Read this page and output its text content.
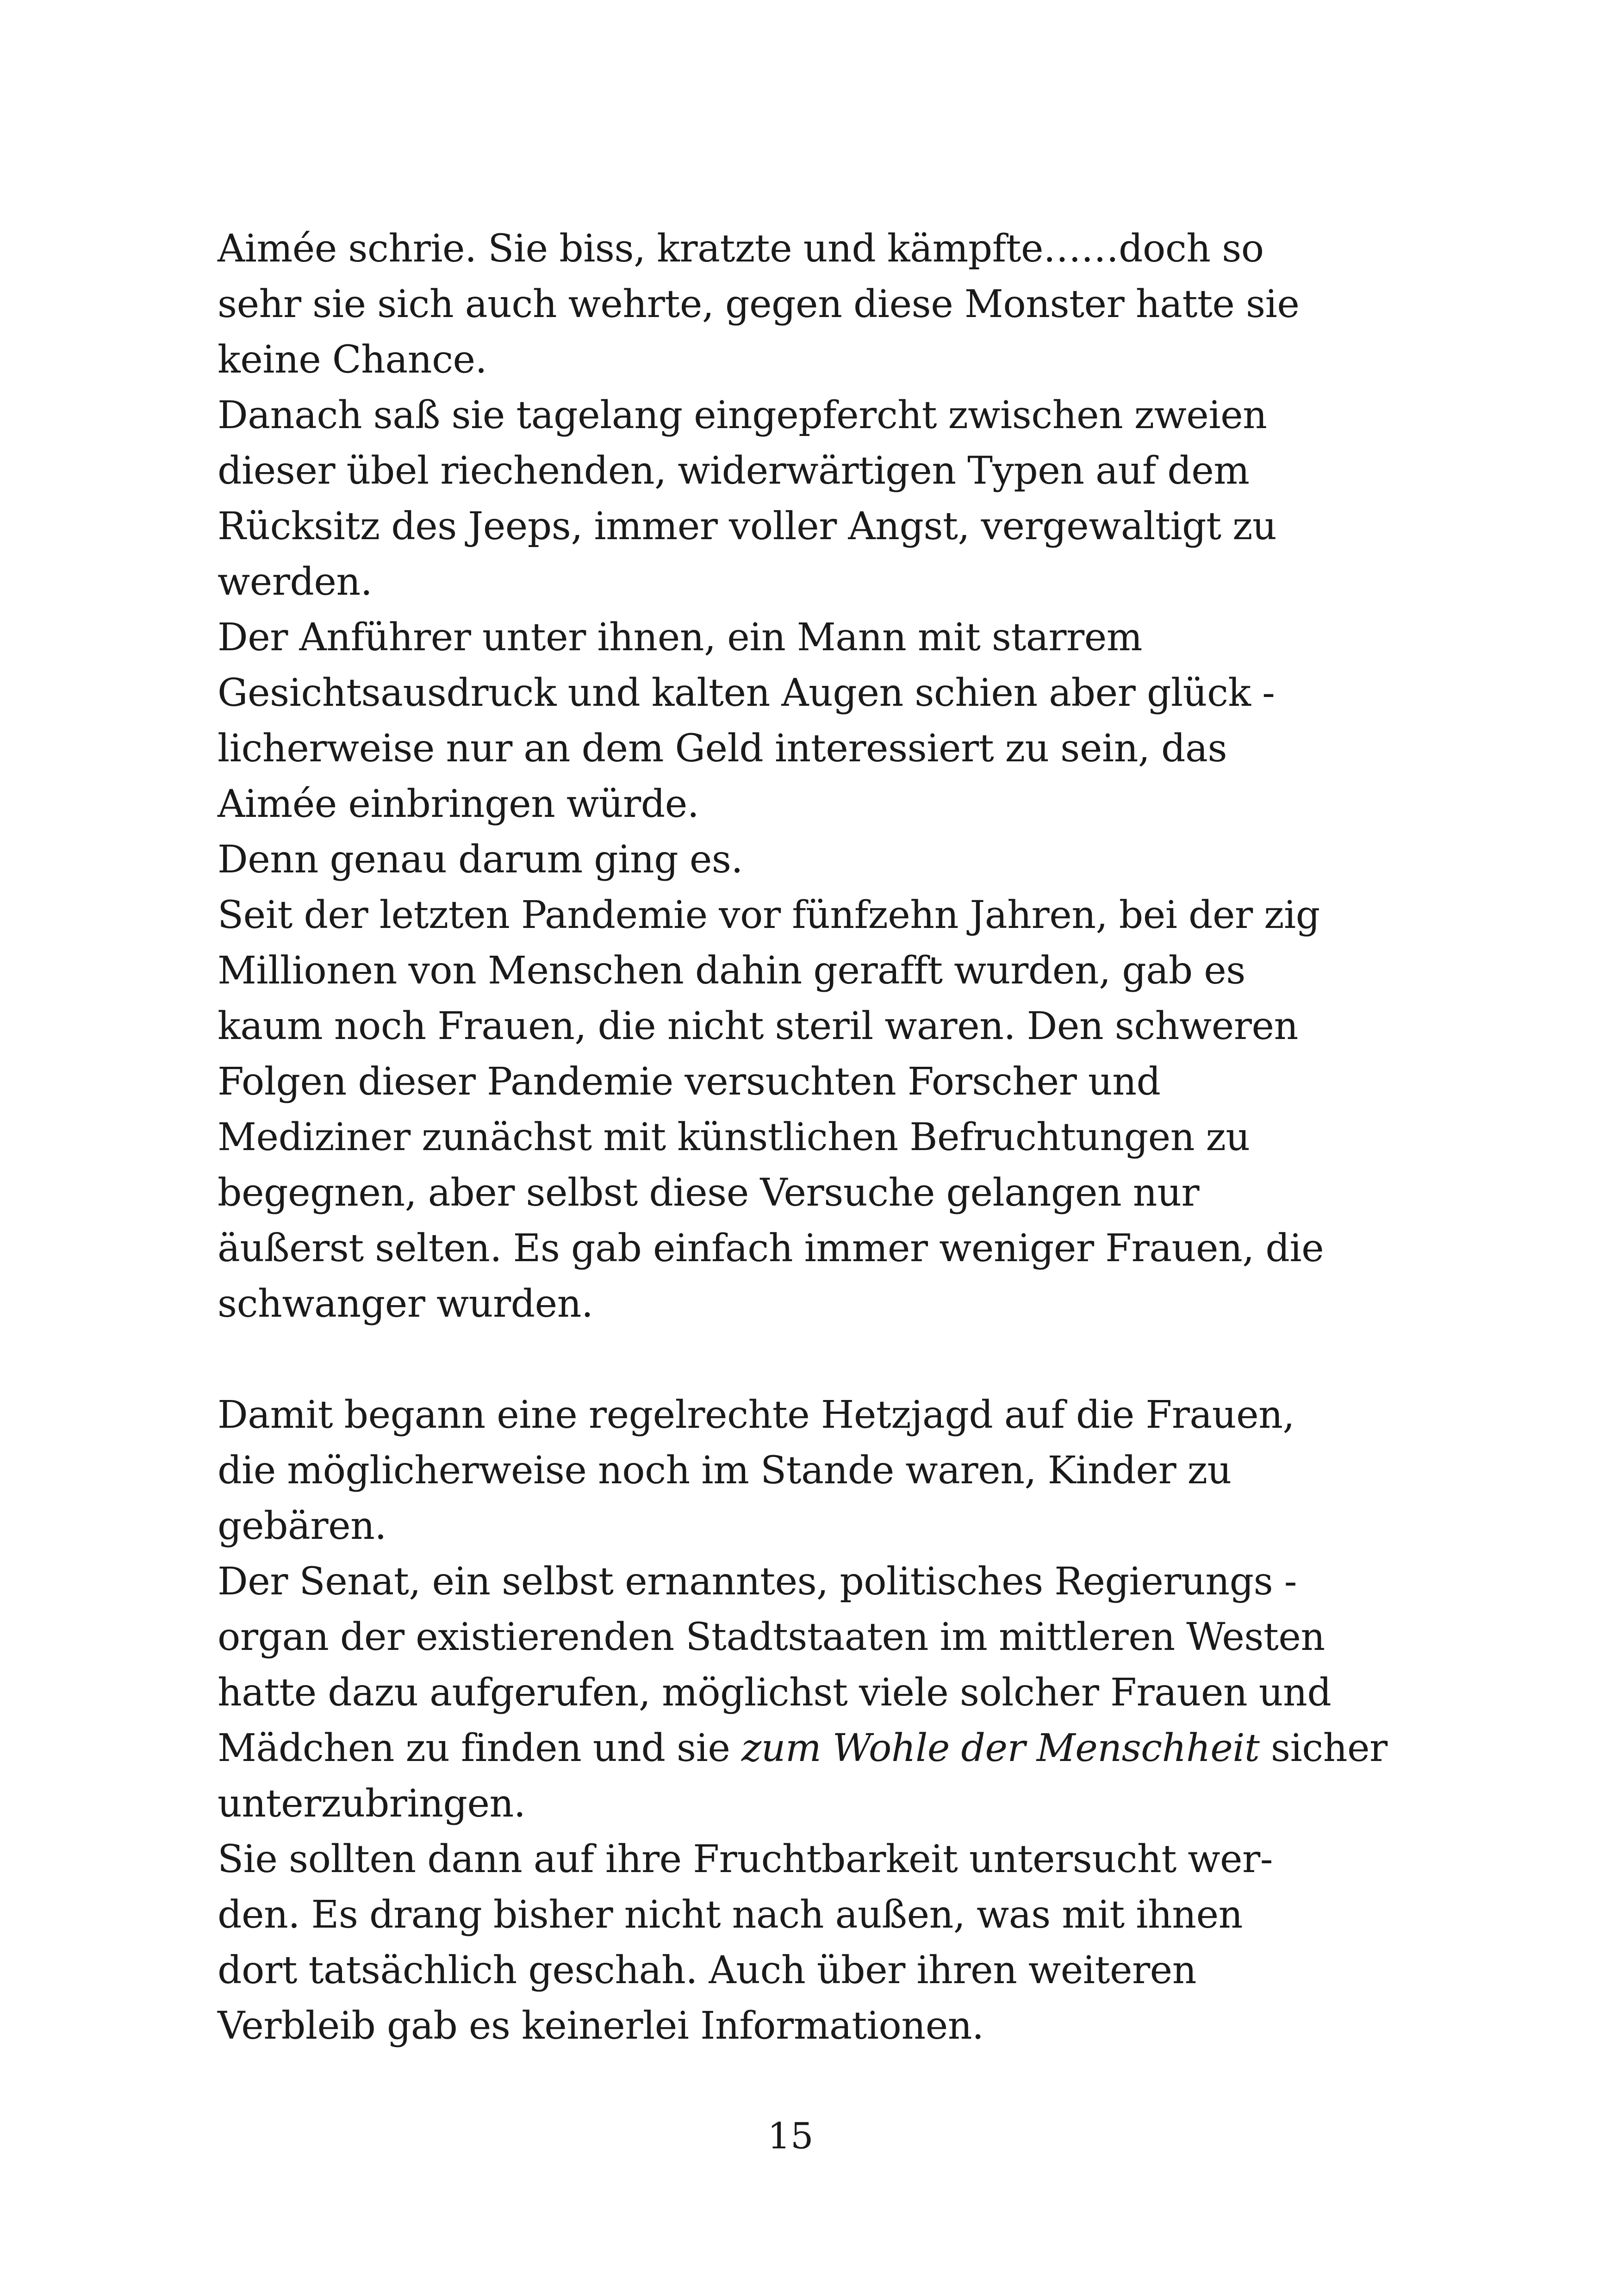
Aimée schrie. Sie biss, kratzte und kämpfte……doch so
sehr sie sich auch wehrte, gegen diese Monster hatte sie
keine Chance.
Danach saß sie tagelang eingepfercht zwischen zweien
dieser übel riechenden, widerwärtigen Typen auf dem
Rücksitz des Jeeps, immer voller Angst, vergewaltigt zu
werden.
Der Anführer unter ihnen, ein Mann mit starrem
Gesichtsausdruck und kalten Augen schien aber glück -
licherweise nur an dem Geld interessiert zu sein, das
Aimée einbringen würde.
Denn genau darum ging es.
Seit der letzten Pandemie vor fünfzehn Jahren, bei der zig
Millionen von Menschen dahin gerafft wurden, gab es
kaum noch Frauen, die nicht steril waren. Den schweren
Folgen dieser Pandemie versuchten Forscher und
Mediziner zunächst mit künstlichen Befruchtungen zu
begegnen, aber selbst diese Versuche gelangen nur
äußerst selten. Es gab einfach immer weniger Frauen, die
schwanger wurden.
Damit begann eine regelrechte Hetzjagd auf die Frauen,
die möglicherweise noch im Stande waren, Kinder zu
gebären.
Der Senat, ein selbst ernanntes, politisches Regierungs -
organ der existierenden Stadtstaaten im mittleren Westen
hatte dazu aufgerufen, möglichst viele solcher Frauen und
Mädchen zu finden und sie zum Wohle der Menschheit sicher
unterzubringen.
Sie sollten dann auf ihre Fruchtbarkeit untersucht wer-
den. Es drang bisher nicht nach außen, was mit ihnen
dort tatsächlich geschah. Auch über ihren weiteren
Verbleib gab es keinerlei Informationen.
15
